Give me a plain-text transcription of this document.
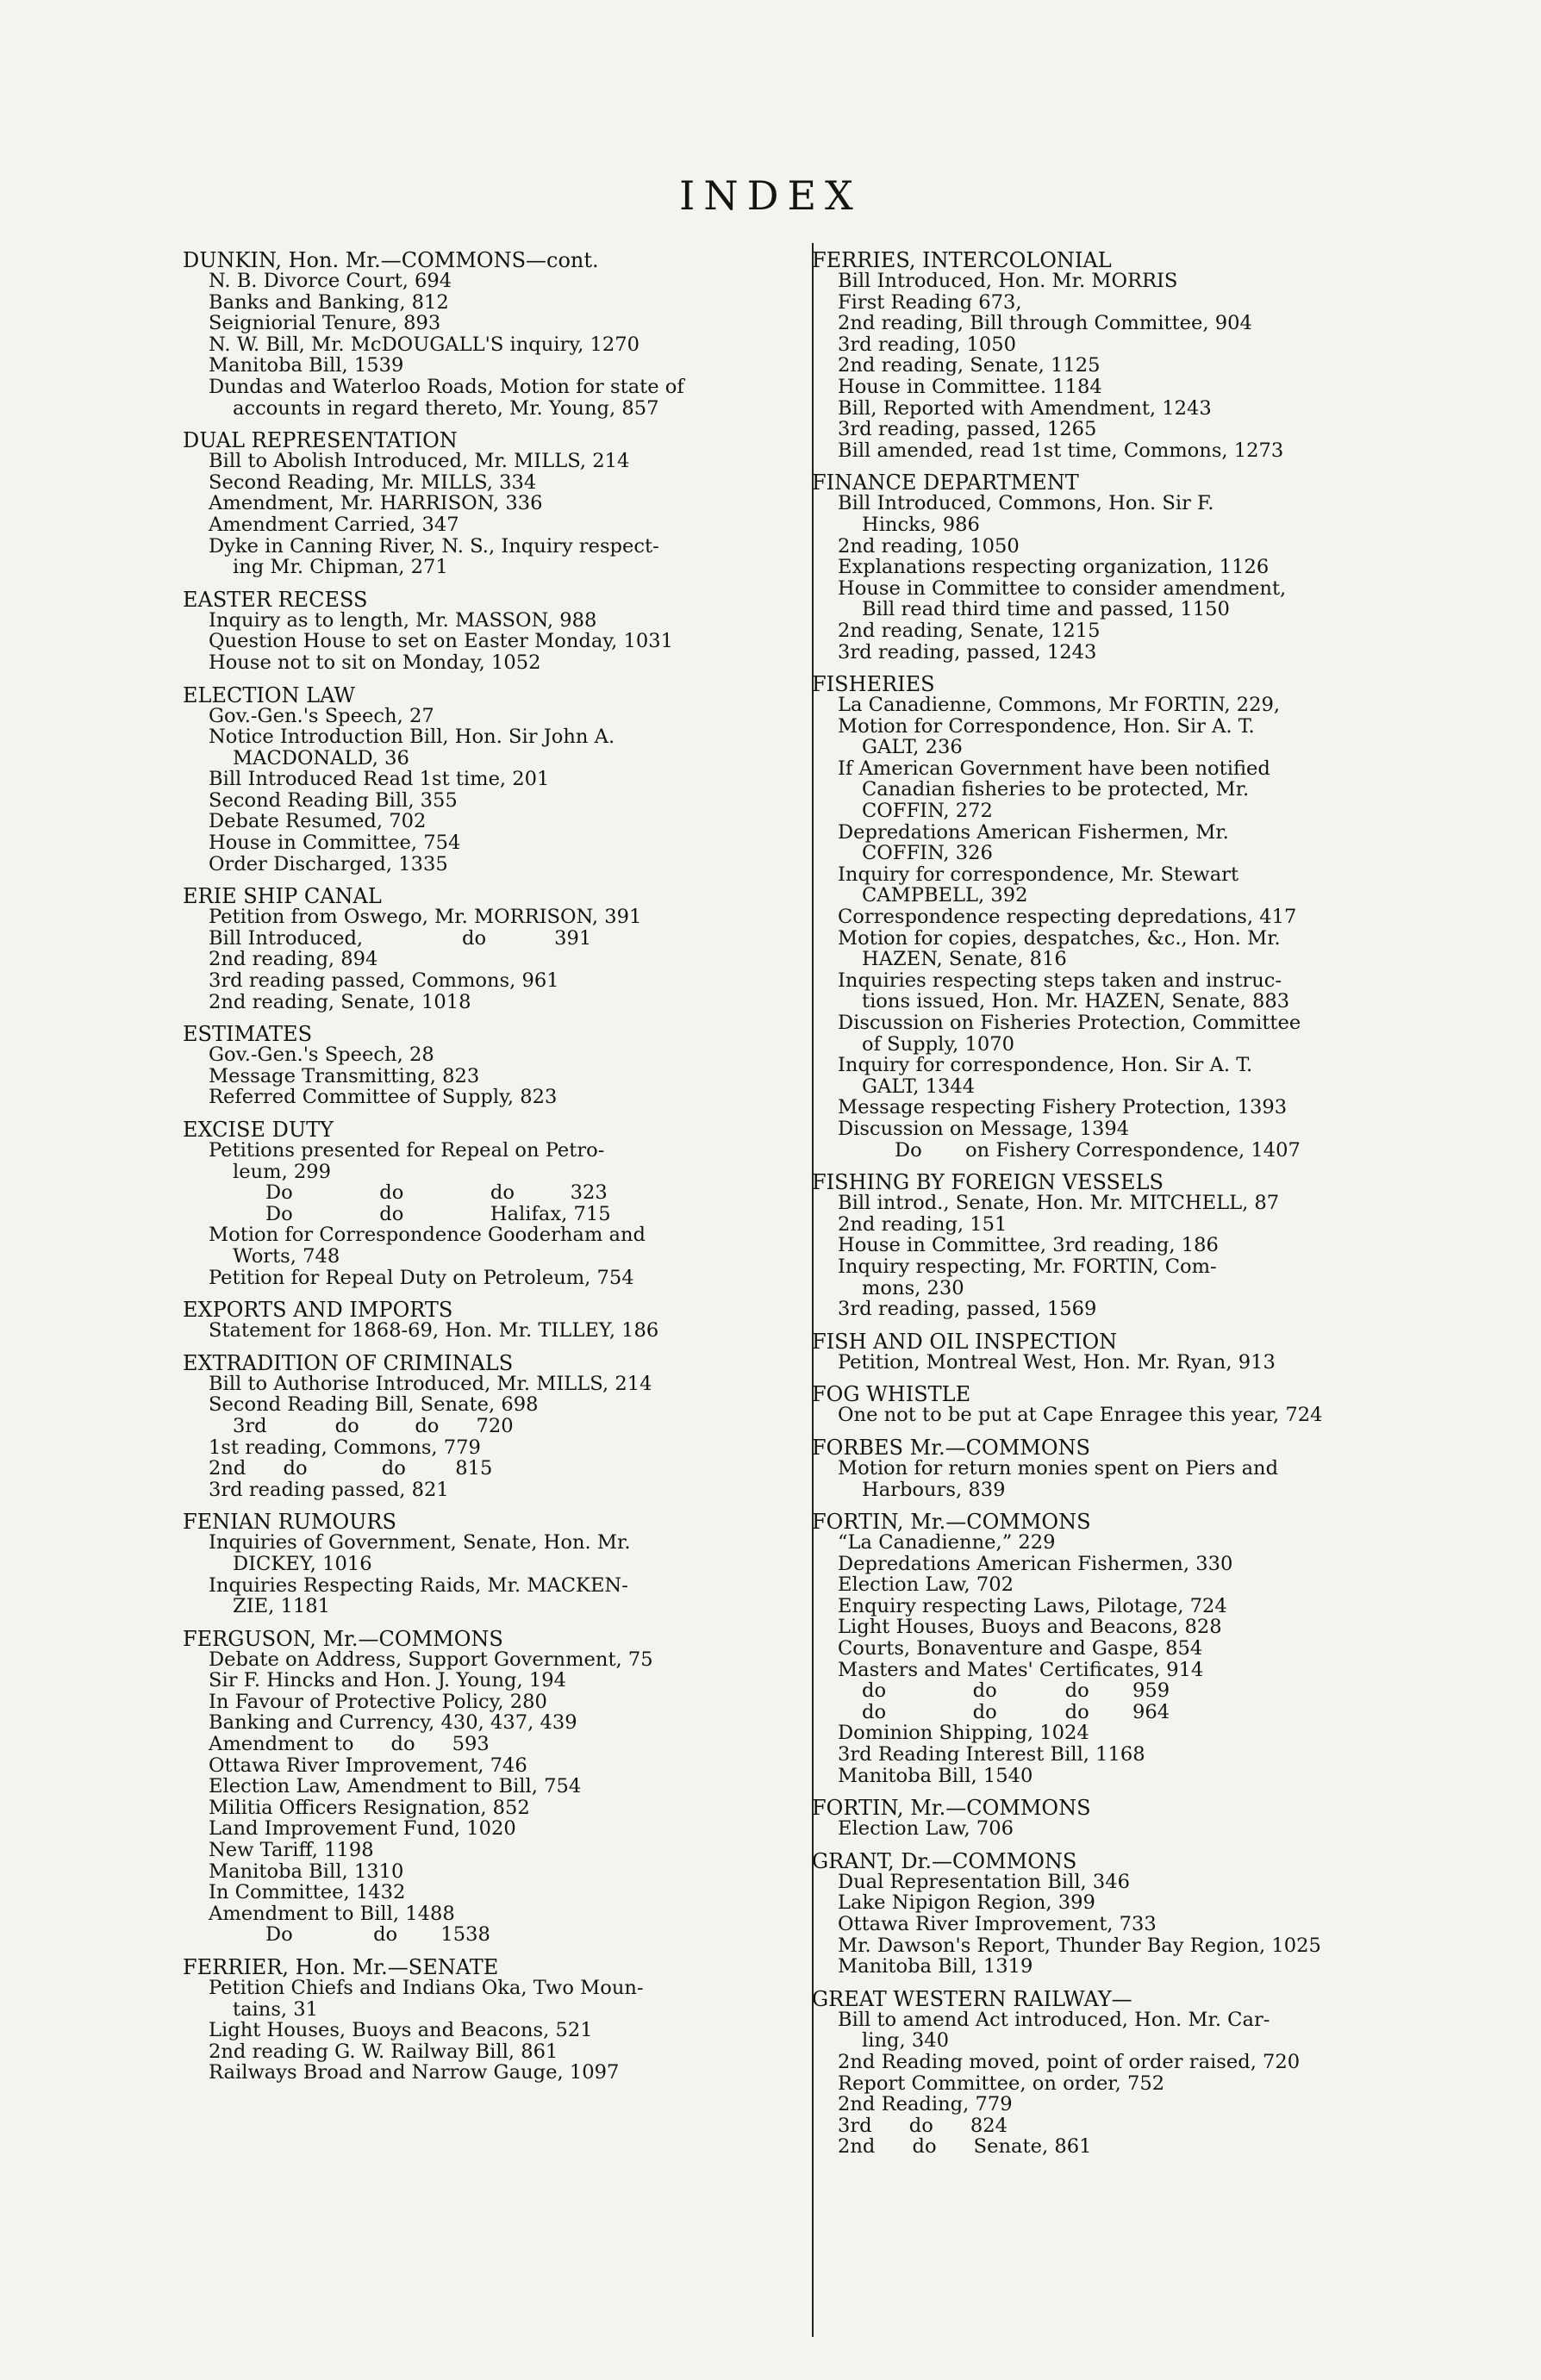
INDEX
DUNKIN, Hon. Mr.—COMMONS—cont.
N. B. Divorce Court, 694
Banks and Banking, 812
Seigniorial Tenure, 893
N. W. Bill, Mr. McDOUGALL'S inquiry, 1270
Manitoba Bill, 1539
Dundas and Waterloo Roads, Motion for state of
accounts in regard thereto, Mr. Young, 857
DUAL REPRESENTATION
Bill to Abolish Introduced, Mr. MILLS, 214
Second Reading, Mr. MILLS, 334
Amendment, Mr. HARRISON, 336
Amendment Carried, 347
Dyke in Canning River, N. S., Inquiry respect-
ing Mr. Chipman, 271
EASTER RECESS
Inquiry as to length, Mr. MASSON, 988
Question House to set on Easter Monday, 1031
House not to sit on Monday, 1052
ELECTION LAW
Gov.-Gen.'s Speech, 27
Notice Introduction Bill, Hon. Sir John A.
MACDONALD, 36
Bill Introduced Read 1st time, 201
Second Reading Bill, 355
Debate Resumed, 702
House in Committee, 754
Order Discharged, 1335
ERIE SHIP CANAL
Petition from Oswego, Mr. MORRISON, 391
Bill Introduced,                do           391
2nd reading, 894
3rd reading passed, Commons, 961
2nd reading, Senate, 1018
ESTIMATES
Gov.-Gen.'s Speech, 28
Message Transmitting, 823
Referred Committee of Supply, 823
EXCISE DUTY
Petitions presented for Repeal on Petro-
leum, 299
Do              do              do         323
Do              do              Halifax, 715
Motion for Correspondence Gooderham and
Worts, 748
Petition for Repeal Duty on Petroleum, 754
EXPORTS AND IMPORTS
Statement for 1868-69, Hon. Mr. TILLEY, 186
EXTRADITION OF CRIMINALS
Bill to Authorise Introduced, Mr. MILLS, 214
Second Reading Bill, Senate, 698
3rd           do         do      720
1st reading, Commons, 779
2nd      do            do        815
3rd reading passed, 821
FENIAN RUMOURS
Inquiries of Government, Senate, Hon. Mr.
DICKEY, 1016
Inquiries Respecting Raids, Mr. MACKEN-
ZIE, 1181
FERGUSON, Mr.—COMMONS
Debate on Address, Support Government, 75
Sir F. Hincks and Hon. J. Young, 194
In Favour of Protective Policy, 280
Banking and Currency, 430, 437, 439
Amendment to      do      593
Ottawa River Improvement, 746
Election Law, Amendment to Bill, 754
Militia Officers Resignation, 852
Land Improvement Fund, 1020
New Tariff, 1198
Manitoba Bill, 1310
In Committee, 1432
Amendment to Bill, 1488
Do             do       1538
FERRIER, Hon. Mr.—SENATE
Petition Chiefs and Indians Oka, Two Moun-
tains, 31
Light Houses, Buoys and Beacons, 521
2nd reading G. W. Railway Bill, 861
Railways Broad and Narrow Gauge, 1097
FERRIES, INTERCOLONIAL
Bill Introduced, Hon. Mr. MORRIS
First Reading 673,
2nd reading, Bill through Committee, 904
3rd reading, 1050
2nd reading, Senate, 1125
House in Committee. 1184
Bill, Reported with Amendment, 1243
3rd reading, passed, 1265
Bill amended, read 1st time, Commons, 1273
FINANCE DEPARTMENT
Bill Introduced, Commons, Hon. Sir F.
Hincks, 986
2nd reading, 1050
Explanations respecting organization, 1126
House in Committee to consider amendment,
Bill read third time and passed, 1150
2nd reading, Senate, 1215
3rd reading, passed, 1243
FISHERIES
La Canadienne, Commons, Mr FORTIN, 229,
Motion for Correspondence, Hon. Sir A. T.
GALT, 236
If American Government have been notified
Canadian fisheries to be protected, Mr.
COFFIN, 272
Depredations American Fishermen, Mr.
COFFIN, 326
Inquiry for correspondence, Mr. Stewart
CAMPBELL, 392
Correspondence respecting depredations, 417
Motion for copies, despatches, &c., Hon. Mr.
HAZEN, Senate, 816
Inquiries respecting steps taken and instruc-
tions issued, Hon. Mr. HAZEN, Senate, 883
Discussion on Fisheries Protection, Committee
of Supply, 1070
Inquiry for correspondence, Hon. Sir A. T.
GALT, 1344
Message respecting Fishery Protection, 1393
Discussion on Message, 1394
Do       on Fishery Correspondence, 1407
FISHING BY FOREIGN VESSELS
Bill introd., Senate, Hon. Mr. MITCHELL, 87
2nd reading, 151
House in Committee, 3rd reading, 186
Inquiry respecting, Mr. FORTIN, Com-
mons, 230
3rd reading, passed, 1569
FISH AND OIL INSPECTION
Petition, Montreal West, Hon. Mr. Ryan, 913
FOG WHISTLE
One not to be put at Cape Enragee this year, 724
FORBES Mr.—COMMONS
Motion for return monies spent on Piers and
Harbours, 839
FORTIN, Mr.—COMMONS
“La Canadienne,” 229
Depredations American Fishermen, 330
Election Law, 702
Enquiry respecting Laws, Pilotage, 724
Light Houses, Buoys and Beacons, 828
Courts, Bonaventure and Gaspe, 854
Masters and Mates' Certificates, 914
do              do           do       959
do              do           do       964
Dominion Shipping, 1024
3rd Reading Interest Bill, 1168
Manitoba Bill, 1540
FORTIN, Mr.—COMMONS
Election Law, 706
GRANT, Dr.—COMMONS
Dual Representation Bill, 346
Lake Nipigon Region, 399
Ottawa River Improvement, 733
Mr. Dawson's Report, Thunder Bay Region, 1025
Manitoba Bill, 1319
GREAT WESTERN RAILWAY—
Bill to amend Act introduced, Hon. Mr. Car-
ling, 340
2nd Reading moved, point of order raised, 720
Report Committee, on order, 752
2nd Reading, 779
3rd      do      824
2nd      do      Senate, 861
